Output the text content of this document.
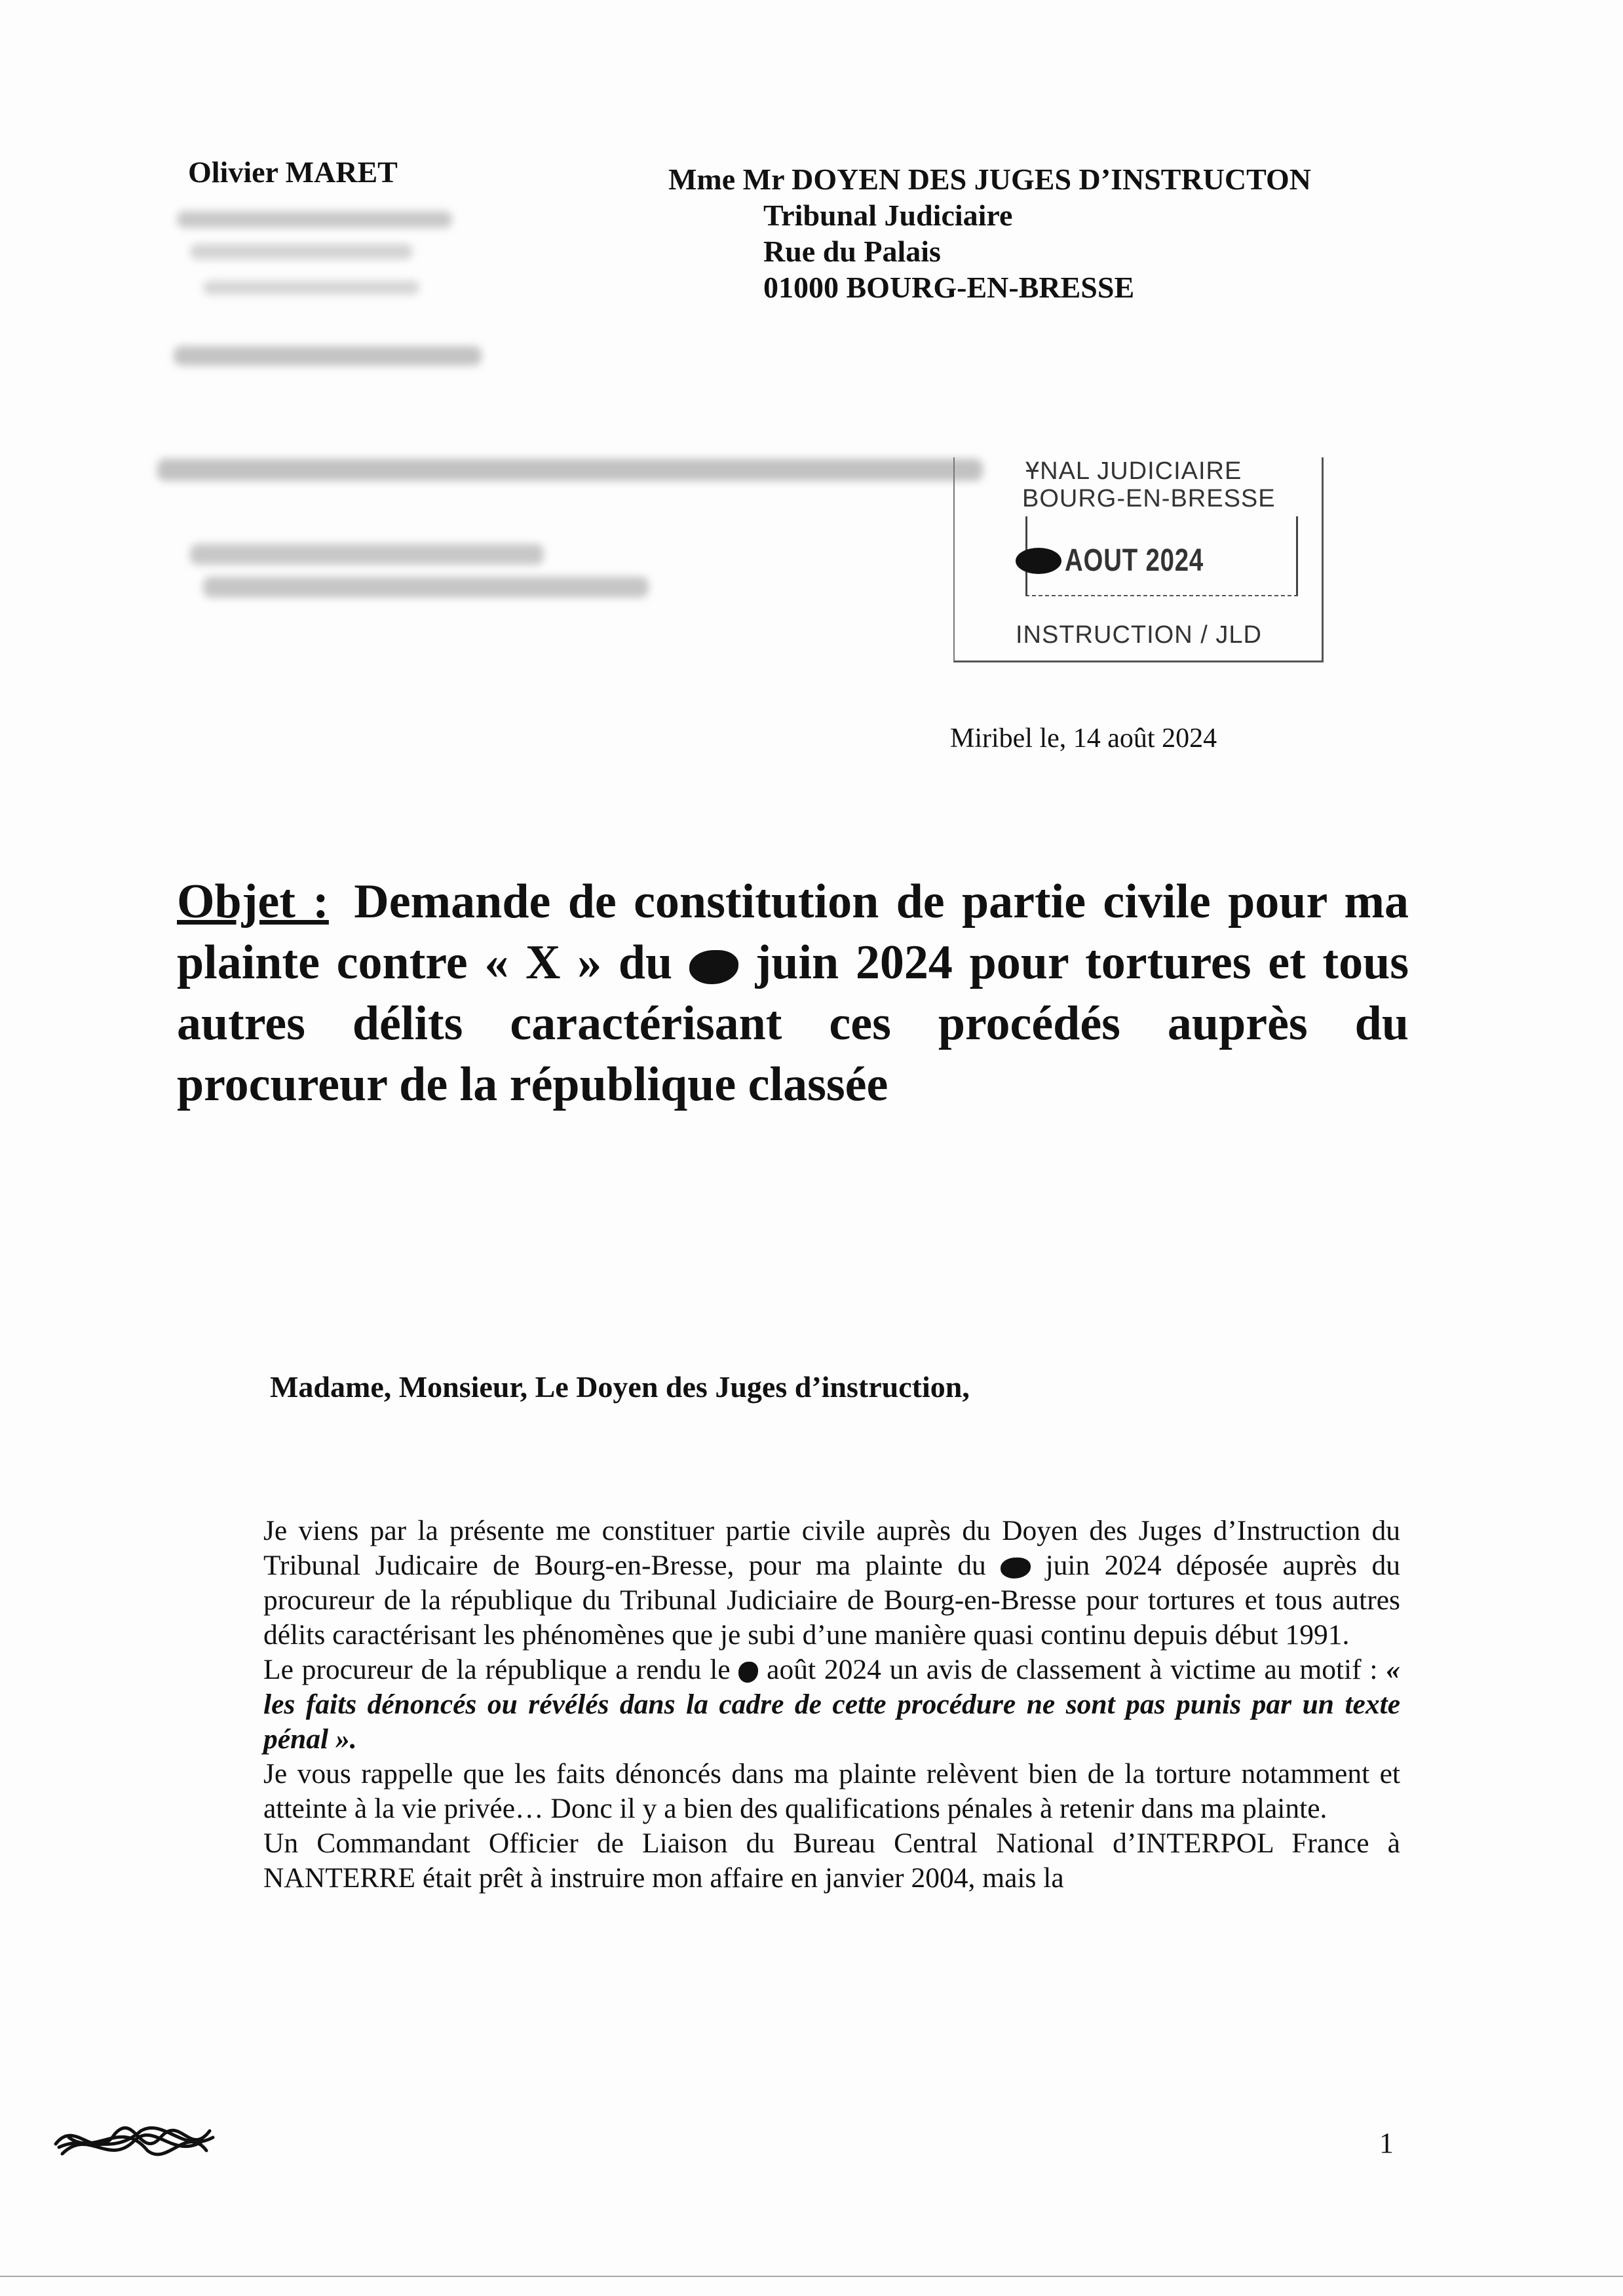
Olivier MARET	Mme Mr DOYEN DES JUGES D’INSTRUCTON
Tribunal Judiciaire
Rue du Palais
01000 BOURG-EN-BRESSE
ҰNAL JUDICIAIRE
BOURG-EN-BRESSE
AOUT 2024
INSTRUCTION / JLD
Miribel le, 14 août 2024
Objet : Demande de constitution de partie civile pour ma plainte contre « X » du juin 2024 pour tortures et tous autres délits caractérisant ces procédés auprès du procureur de la république classée
Madame, Monsieur, Le Doyen des Juges d’instruction,

Je viens par la présente me constituer partie civile auprès du Doyen des Juges d’Instruction du Tribunal Judicaire de Bourg-en-Bresse, pour ma plainte du juin 2024 déposée auprès du procureur de la république du Tribunal Judiciaire de Bourg-en-Bresse pour tortures et tous autres délits caractérisant les phénomènes que je subi d’une manière quasi continu depuis début 1991.

Le procureur de la république a rendu le août 2024 un avis de classement à victime au motif : « les faits dénoncés ou révélés dans la cadre de cette procédure ne sont pas punis par un texte pénal ».

Je vous rappelle que les faits dénoncés dans ma plainte relèvent bien de la torture notamment et atteinte à la vie privée… Donc il y a bien des qualifications pénales à retenir dans ma plainte.

Un Commandant Officier de Liaison du Bureau Central National d’INTERPOL France à NANTERRE était prêt à instruire mon affaire en janvier 2004, mais la

1
